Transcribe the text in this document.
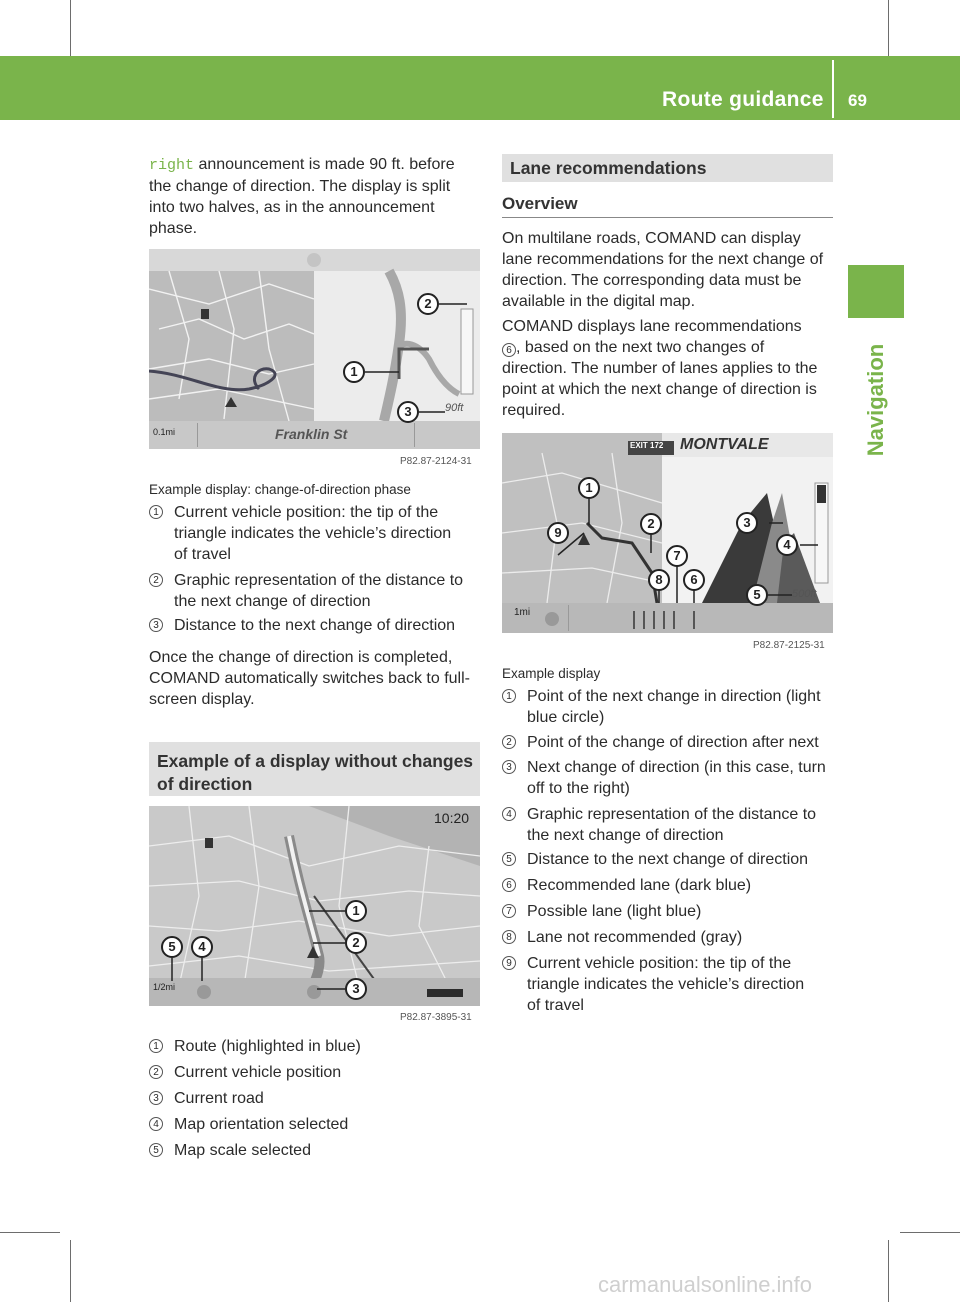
Route guidance 69
Navigation

right announcement is made 90 ft. before
the change of direction. The display is split
into two halves, as in the announcement
phase.

0.1mi	Franklin St
90ft
1
2
3
P82.87-2124-31
Example display: change-of-direction phase
1 Current vehicle position: the tip of the
triangle indicates the vehicle’s direction
of travel
2 Graphic representation of the distance to
the next change of direction
3 Distance to the next change of direction

Once the change of direction is completed,
COMAND automatically switches back to full-
screen display.

Example of a display without changes
of direction
10:20
1/2mi
1
2
3
4
5
P82.87-3895-31
1 Route (highlighted in blue)
2 Current vehicle position
3 Current road
4 Map orientation selected
5 Map scale selected
Lane recommendations
Overview

On multilane roads, COMAND can display
lane recommendations for the next change of
direction. The corresponding data must be
available in the digital map.

COMAND displays lane recommendations
6 , based on the next two changes of
direction. The number of lanes applies to the
point at which the next change of direction is
required.

EXIT 172 MONTVALE
1mi
500ft
1
2	3
4
5
6
7
8
9
P82.87-2125-31
Example display
1 Point of the next change in direction (light
blue circle)
2 Point of the change of direction after next
3 Next change of direction (in this case, turn
off to the right)
4 Graphic representation of the distance to
the next change of direction
5 Distance to the next change of direction
6 Recommended lane (dark blue)
7 Possible lane (light blue)
8 Lane not recommended (gray)
9 Current vehicle position: the tip of the
triangle indicates the vehicle’s direction
of travel
carmanualsonline.info
